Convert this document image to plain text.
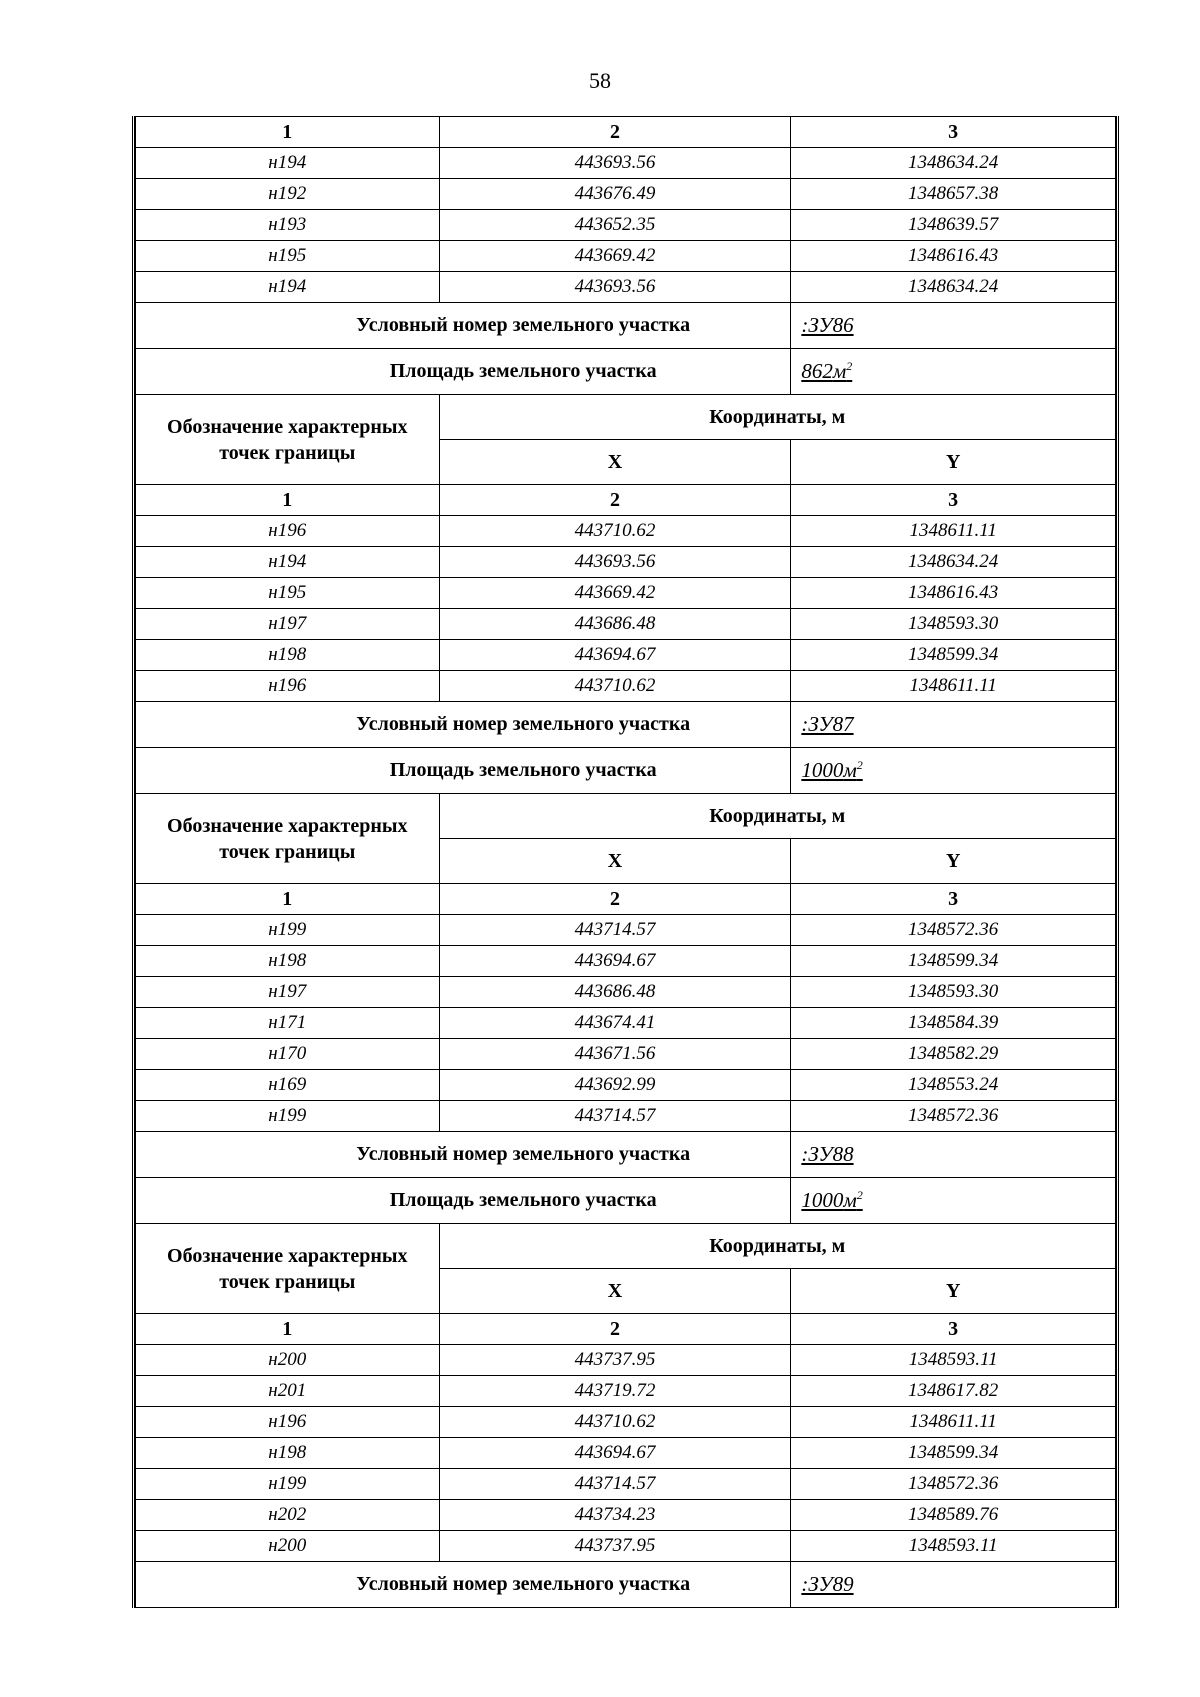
58
1	2	3
н194	443693.56	1348634.24
н192	443676.49	1348657.38
н193	443652.35	1348639.57
н195	443669.42	1348616.43
н194	443693.56	1348634.24
Условный номер земельного участка		:ЗУ86
Площадь земельного участка		$862м^2$
Обозначение характерных точек границы	Координаты, м	
	X	Y
1	2	3
н196	443710.62	1348611.11
н194	443693.56	1348634.24
н195	443669.42	1348616.43
н197	443686.48	1348593.30
н198	443694.67	1348599.34
н196	443710.62	1348611.11
Условный номер земельного участка		:ЗУ87
Площадь земельного участка		$1000м^2$
Обозначение характерных точек границы	Координаты, м	
	X	Y
1	2	3
н199	443714.57	1348572.36
н198	443694.67	1348599.34
н197	443686.48	1348593.30
н171	443674.41	1348584.39
н170	443671.56	1348582.29
н169	443692.99	1348553.24
н199	443714.57	1348572.36
Условный номер земельного участка		:ЗУ88
Площадь земельного участка		$1000м^2$
Обозначение характерных точек границы	Координаты, м	
	X	Y
1	2	3
н200	443737.95	1348593.11
н201	443719.72	1348617.82
н196	443710.62	1348611.11
н198	443694.67	1348599.34
н199	443714.57	1348572.36
н202	443734.23	1348589.76
н200	443737.95	1348593.11
Условный номер земельного участка		:ЗУ89
